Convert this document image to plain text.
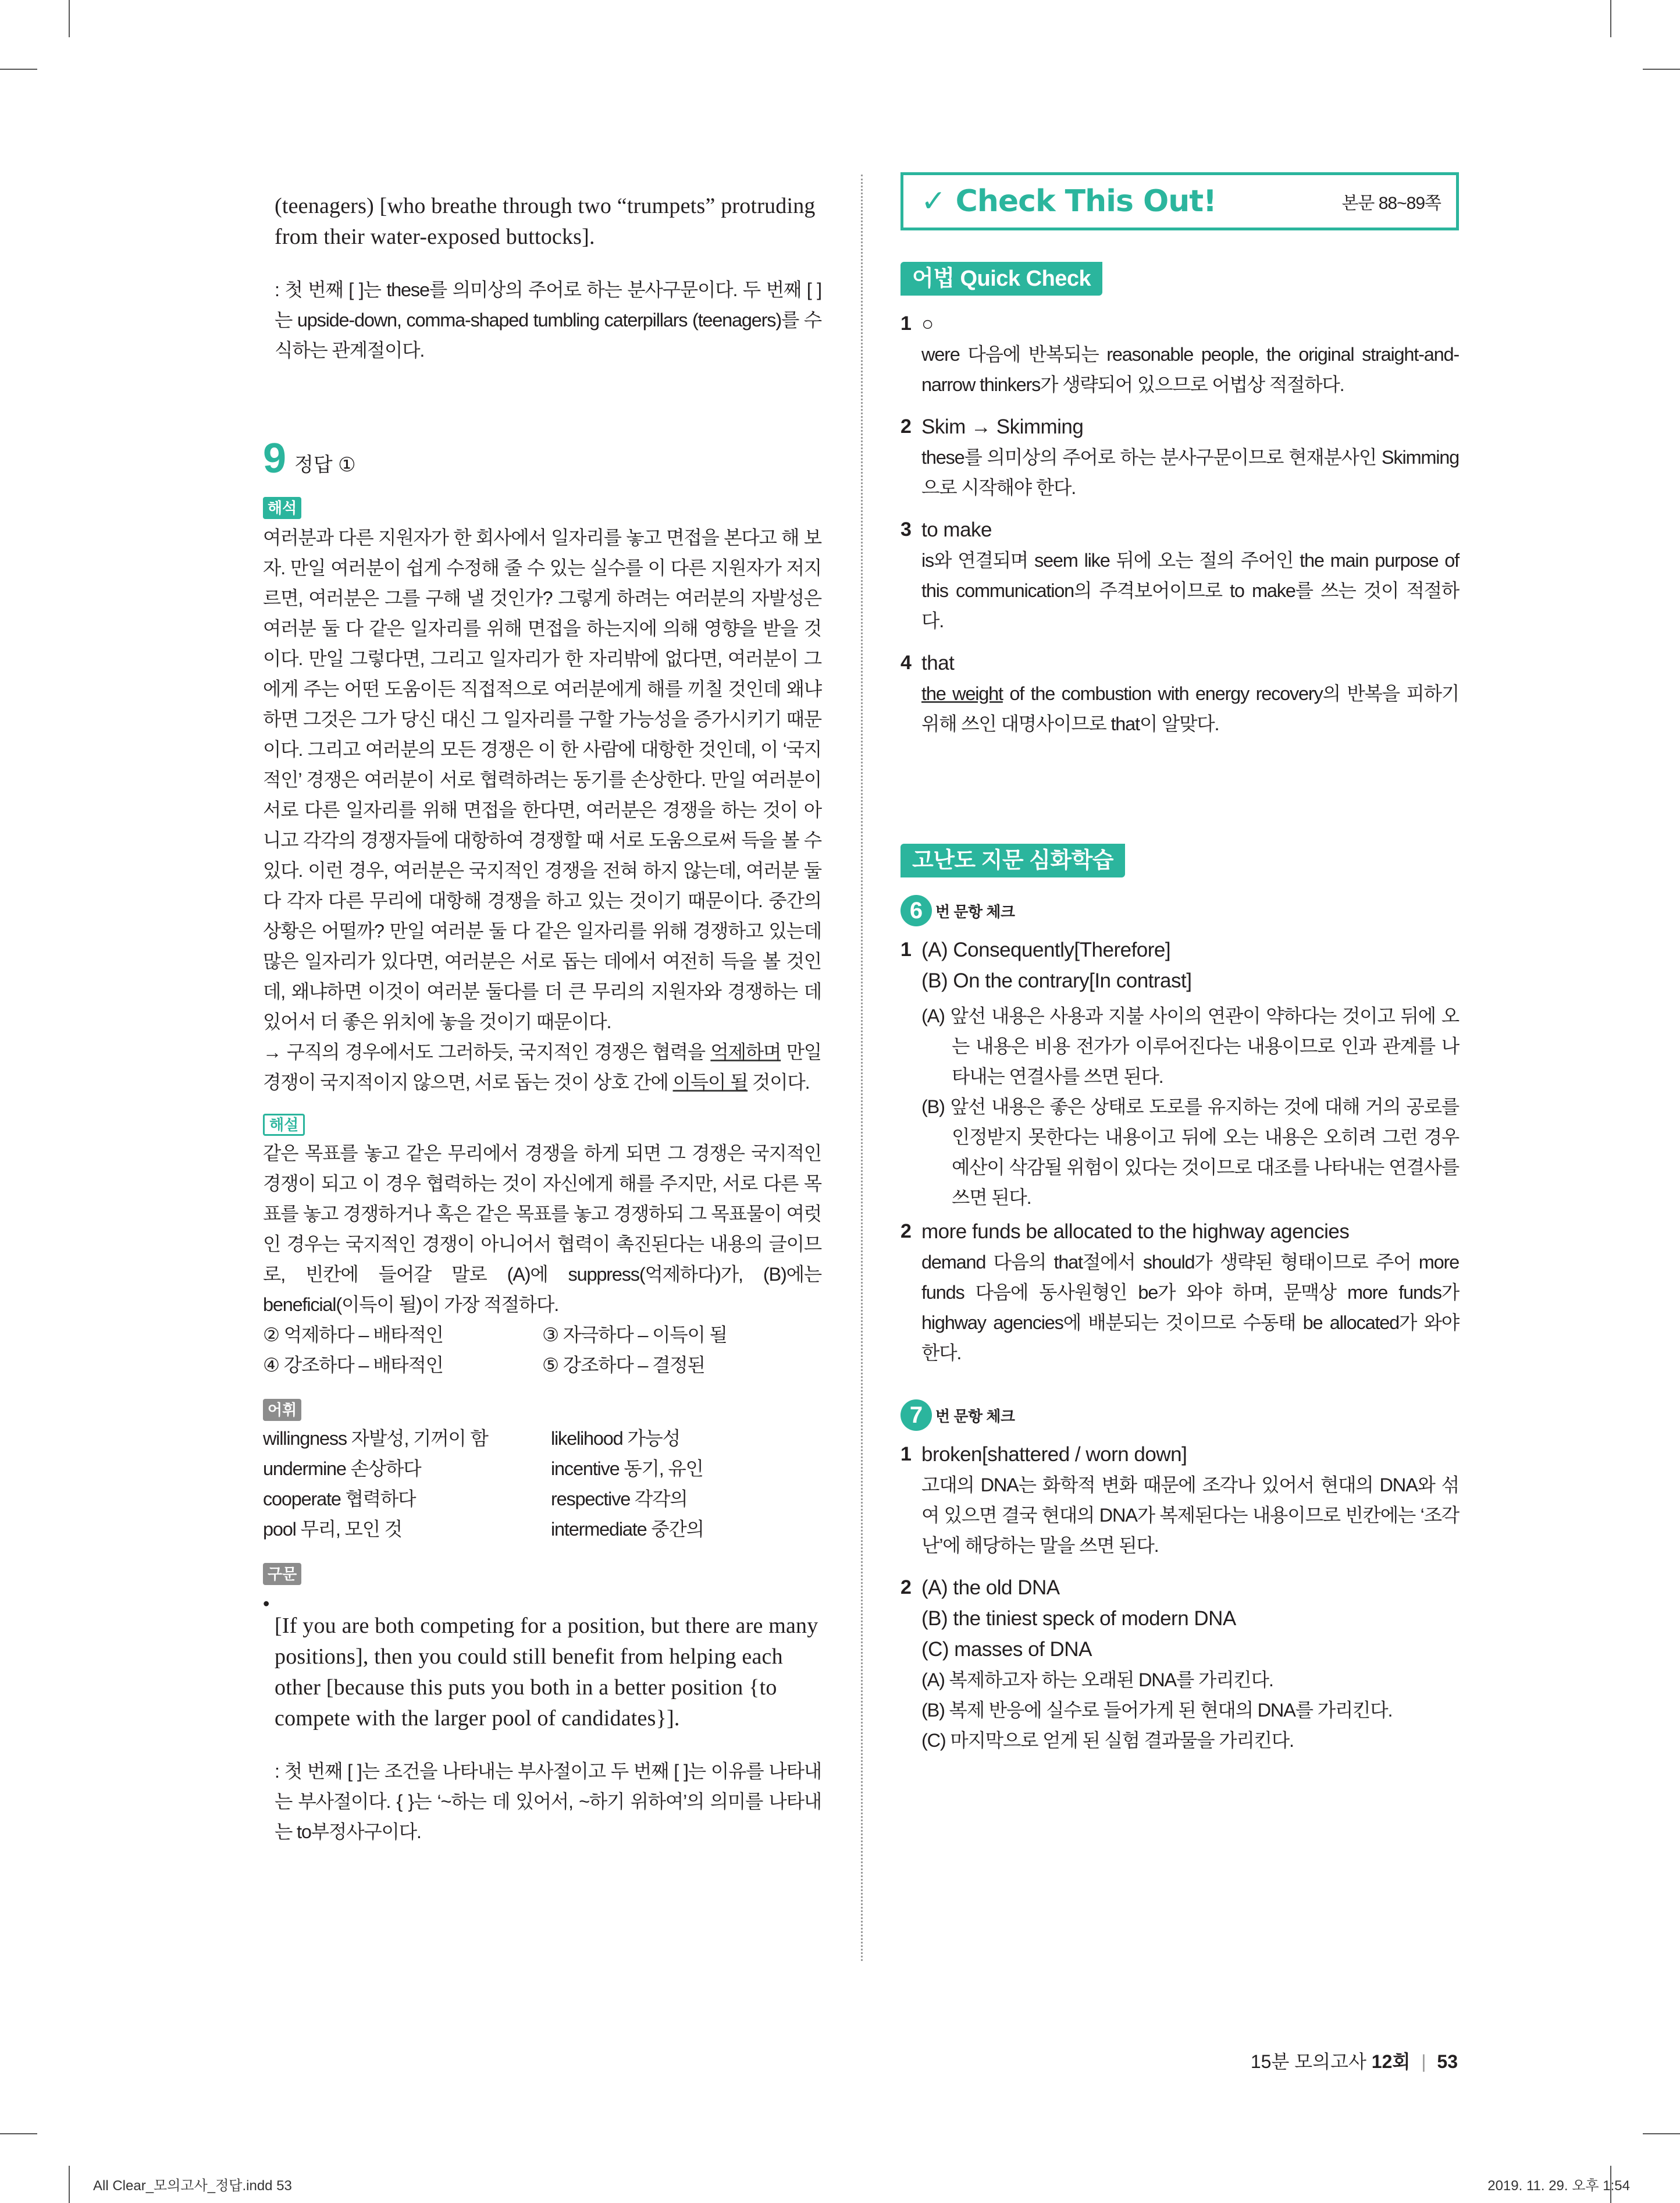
(teenagers) [who breathe through two “trumpets” protruding from their water-exposed buttocks].

: 첫 번째 [ ]는 these를 의미상의 주어로 하는 분사구문이다. 두 번째 [ ]는 upside-down, comma-shaped tumbling caterpillars (teenagers)를 수식하는 관계절이다.

9 정답 ①
해석

여러분과 다른 지원자가 한 회사에서 일자리를 놓고 면접을 본다고 해 보자. 만일 여러분이 쉽게 수정해 줄 수 있는 실수를 이 다른 지원자가 저지르면, 여러분은 그를 구해 낼 것인가? 그렇게 하려는 여러분의 자발성은 여러분 둘 다 같은 일자리를 위해 면접을 하는지에 의해 영향을 받을 것이다. 만일 그렇다면, 그리고 일자리가 한 자리밖에 없다면, 여러분이 그에게 주는 어떤 도움이든 직접적으로 여러분에게 해를 끼칠 것인데 왜냐하면 그것은 그가 당신 대신 그 일자리를 구할 가능성을 증가시키기 때문이다. 그리고 여러분의 모든 경쟁은 이 한 사람에 대항한 것인데, 이 ‘국지적인’ 경쟁은 여러분이 서로 협력하려는 동기를 손상한다. 만일 여러분이 서로 다른 일자리를 위해 면접을 한다면, 여러분은 경쟁을 하는 것이 아니고 각각의 경쟁자들에 대항하여 경쟁할 때 서로 도움으로써 득을 볼 수 있다. 이런 경우, 여러분은 국지적인 경쟁을 전혀 하지 않는데, 여러분 둘 다 각자 다른 무리에 대항해 경쟁을 하고 있는 것이기 때문이다. 중간의 상황은 어떨까? 만일 여러분 둘 다 같은 일자리를 위해 경쟁하고 있는데 많은 일자리가 있다면, 여러분은 서로 돕는 데에서 여전히 득을 볼 것인데, 왜냐하면 이것이 여러분 둘다를 더 큰 무리의 지원자와 경쟁하는 데 있어서 더 좋은 위치에 놓을 것이기 때문이다.

→ 구직의 경우에서도 그러하듯, 국지적인 경쟁은 협력을 억제하며 만일 경쟁이 국지적이지 않으면, 서로 돕는 것이 상호 간에 이득이 될 것이다.

해설

같은 목표를 놓고 같은 무리에서 경쟁을 하게 되면 그 경쟁은 국지적인 경쟁이 되고 이 경우 협력하는 것이 자신에게 해를 주지만, 서로 다른 목표를 놓고 경쟁하거나 혹은 같은 목표를 놓고 경쟁하되 그 목표물이 여럿인 경우는 국지적인 경쟁이 아니어서 협력이 촉진된다는 내용의 글이므로, 빈칸에 들어갈 말로 (A)에 suppress(억제하다)가, (B)에는 beneficial(이득이 될)이 가장 적절하다.

② 억제하다 – 배타적인

④ 강조하다 – 배타적인

③ 자극하다 – 이득이 될

⑤ 강조하다 – 결정된

어휘

willingness 자발성, 기꺼이 함

undermine 손상하다

cooperate 협력하다

pool 무리, 모인 것

likelihood 가능성

incentive 동기, 유인

respective 각각의

intermediate 중간의

구문
•

[If you are both competing for a position, but there are many positions], then you could still benefit from helping each other [because this puts you both in a better position {to compete with the larger pool of candidates}].

: 첫 번째 [ ]는 조건을 나타내는 부사절이고 두 번째 [ ]는 이유를 나타내는 부사절이다. { }는 ‘~하는 데 있어서, ~하기 위하여’의 의미를 나타내는 to부정사구이다.

✓ Check This Out!	본문 88~89쪽
어법 Quick Check
1 ○

were 다음에 반복되는 reasonable people, the original straight-and-narrow thinkers가 생략되어 있으므로 어법상 적절하다.

2 Skim → Skimming

these를 의미상의 주어로 하는 분사구문이므로 현재분사인 Skimming으로 시작해야 한다.

3 to make

is와 연결되며 seem like 뒤에 오는 절의 주어인 the main purpose of this communication의 주격보어이므로 to make를 쓰는 것이 적절하다.

4 that

the weight of the combustion with energy recovery의 반복을 피하기 위해 쓰인 대명사이므로 that이 알맞다.

고난도 지문 심화학습
6 번 문항 체크
1 (A) Consequently[Therefore]

(B) On the contrary[In contrast]

(A) 앞선 내용은 사용과 지불 사이의 연관이 약하다는 것이고 뒤에 오는 내용은 비용 전가가 이루어진다는 내용이므로 인과 관계를 나타내는 연결사를 쓰면 된다.

(B) 앞선 내용은 좋은 상태로 도로를 유지하는 것에 대해 거의 공로를 인정받지 못한다는 내용이고 뒤에 오는 내용은 오히려 그런 경우 예산이 삭감될 위험이 있다는 것이므로 대조를 나타내는 연결사를 쓰면 된다.

2 more funds be allocated to the highway agencies

demand 다음의 that절에서 should가 생략된 형태이므로 주어 more funds 다음에 동사원형인 be가 와야 하며, 문맥상 more funds가 highway agencies에 배분되는 것이므로 수동태 be allocated가 와야 한다.

7 번 문항 체크
1 broken[shattered / worn down]

고대의 DNA는 화학적 변화 때문에 조각나 있어서 현대의 DNA와 섞여 있으면 결국 현대의 DNA가 복제된다는 내용이므로 빈칸에는 ‘조각난’에 해당하는 말을 쓰면 된다.

2 (A) the old DNA

(B) the tiniest speck of modern DNA

(C) masses of DNA

(A) 복제하고자 하는 오래된 DNA를 가리킨다.

(B) 복제 반응에 실수로 들어가게 된 현대의 DNA를 가리킨다.

(C) 마지막으로 얻게 된 실험 결과물을 가리킨다.

15분 모의고사 12회 | 53
All Clear_모의고사_정답.indd 53	2019. 11. 29. 오후 1:54
